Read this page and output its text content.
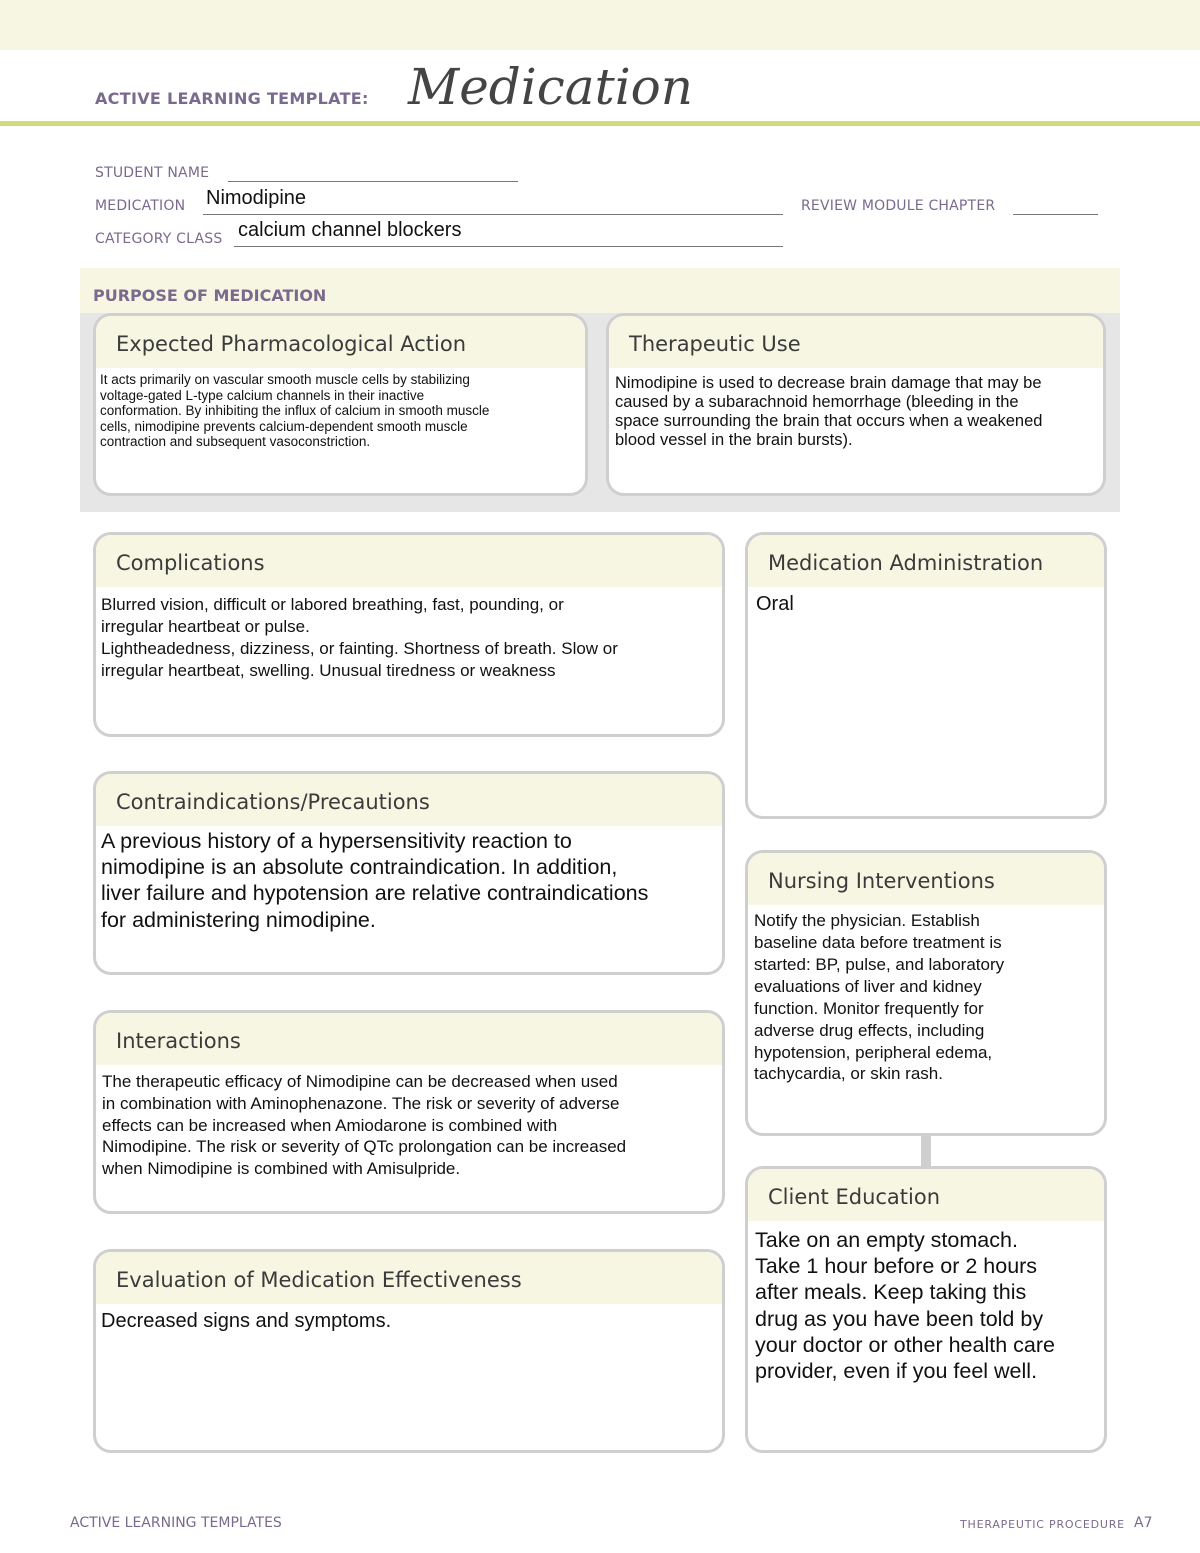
ACTIVE LEARNING TEMPLATE: Medication
STUDENT NAME
MEDICATION Nimodipine	REVIEW MODULE CHAPTER
CATEGORY CLASS calcium channel blockers
PURPOSE OF MEDICATION
Expected Pharmacological Action
It acts primarily on vascular smooth muscle cells by stabilizing
voltage-gated L-type calcium channels in their inactive
conformation. By inhibiting the influx of calcium in smooth muscle
cells, nimodipine prevents calcium-dependent smooth muscle
contraction and subsequent vasoconstriction.
Therapeutic Use
Nimodipine is used to decrease brain damage that may be
caused by a subarachnoid hemorrhage (bleeding in the
space surrounding the brain that occurs when a weakened
blood vessel in the brain bursts).
Complications
Blurred vision, difficult or labored breathing, fast, pounding, or
irregular heartbeat or pulse.
Lightheadedness, dizziness, or fainting. Shortness of breath. Slow or
irregular heartbeat, swelling. Unusual tiredness or weakness
Contraindications/Precautions
A previous history of a hypersensitivity reaction to
nimodipine is an absolute contraindication. In addition,
liver failure and hypotension are relative contraindications
for administering nimodipine.
Interactions
The therapeutic efficacy of Nimodipine can be decreased when used
in combination with Aminophenazone. The risk or severity of adverse
effects can be increased when Amiodarone is combined with
Nimodipine. The risk or severity of QTc prolongation can be increased
when Nimodipine is combined with Amisulpride.
Evaluation of Medication Effectiveness
Decreased signs and symptoms.
Medication Administration
Oral
Nursing Interventions
Notify the physician. Establish
baseline data before treatment is
started: BP, pulse, and laboratory
evaluations of liver and kidney
function. Monitor frequently for
adverse drug effects, including
hypotension, peripheral edema,
tachycardia, or skin rash.
Client Education
Take on an empty stomach.
Take 1 hour before or 2 hours
after meals. Keep taking this
drug as you have been told by
your doctor or other health care
provider, even if you feel well.
ACTIVE LEARNING TEMPLATES	THERAPEUTIC PROCEDURE A7
